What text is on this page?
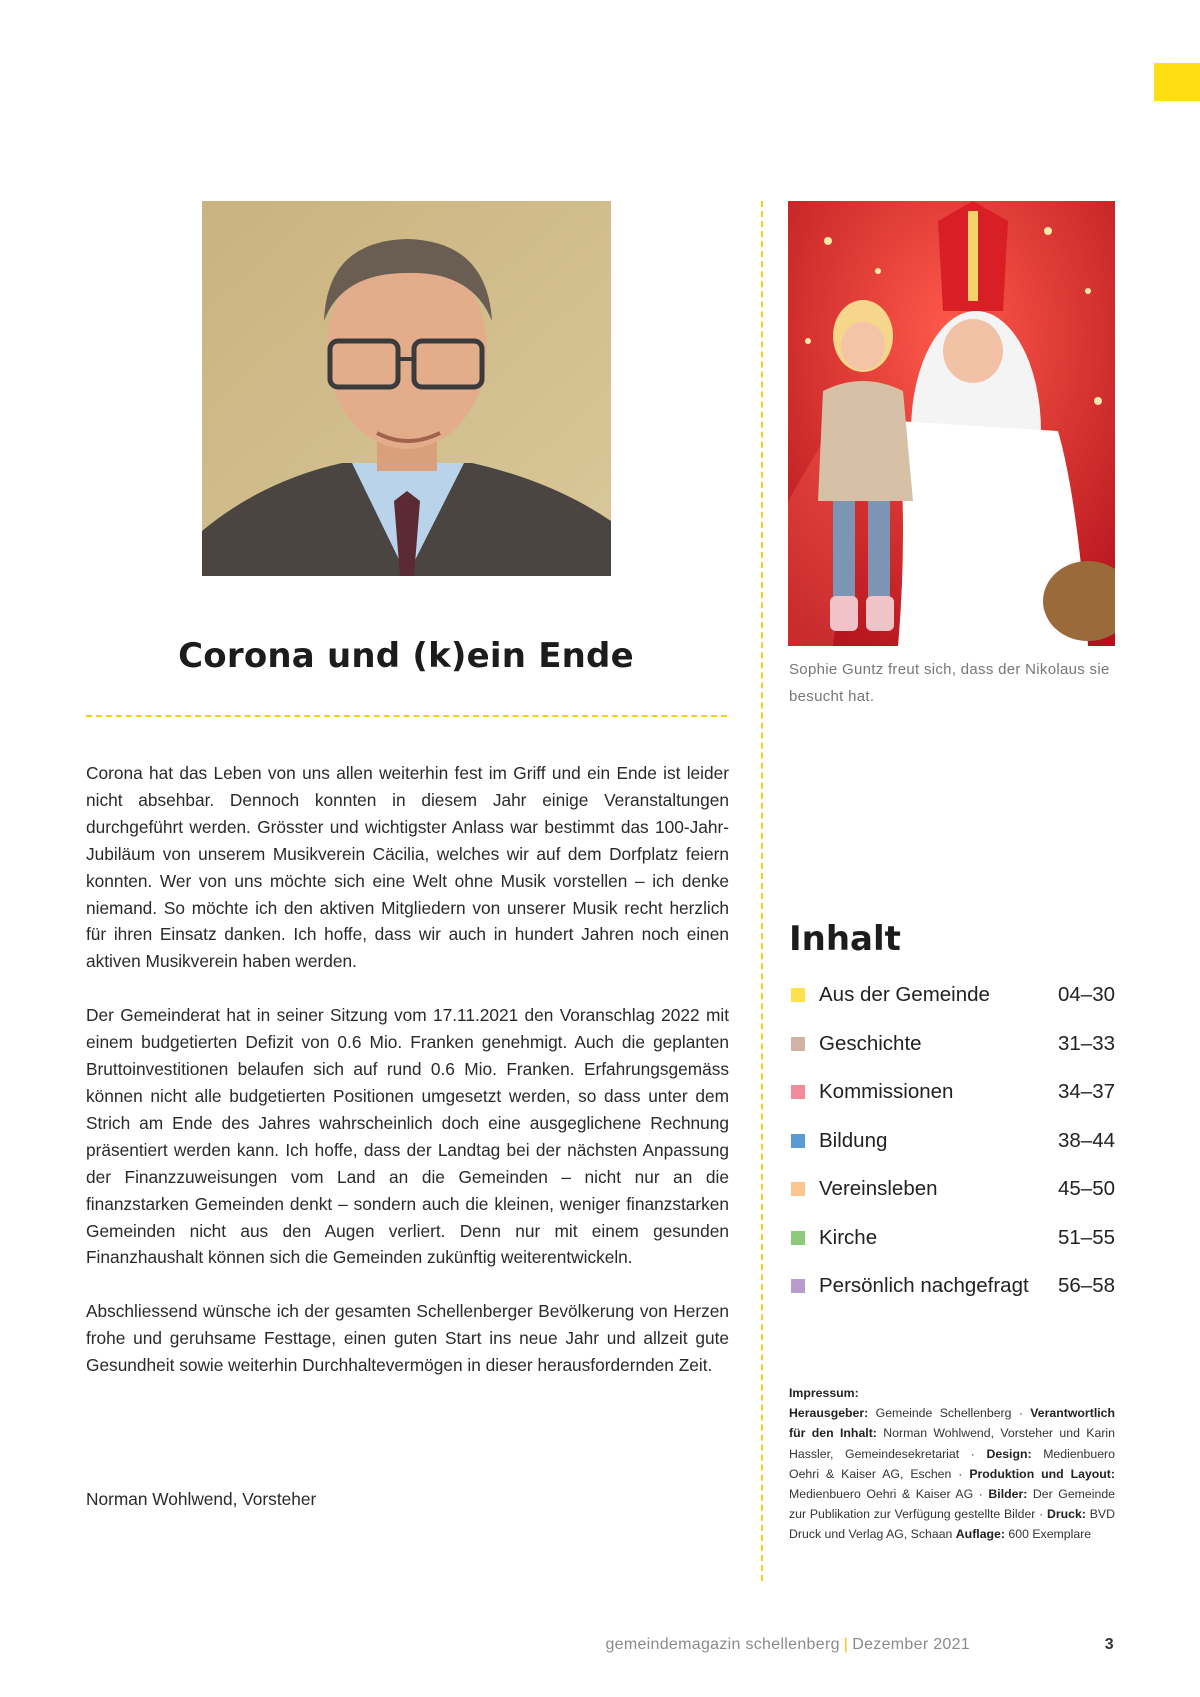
Corona und (k)ein Ende

Corona hat das Leben von uns allen weiterhin fest im Griff und ein Ende ist leider nicht absehbar. Dennoch konnten in diesem Jahr einige Veranstaltungen durchgeführt werden. Grösster und wichtigster Anlass war bestimmt das 100-Jahr-Jubiläum von unserem Musikverein Cäcilia, welches wir auf dem Dorfplatz feiern konnten. Wer von uns möchte sich eine Welt ohne Musik vorstellen – ich denke niemand. So möchte ich den aktiven Mitgliedern von unserer Musik recht herzlich für ihren Einsatz danken. Ich hoffe, dass wir auch in hundert Jahren noch einen aktiven Musikverein haben werden.

Der Gemeinderat hat in seiner Sitzung vom 17.11.2021 den Voranschlag 2022 mit einem budgetierten Defizit von 0.6 Mio. Franken genehmigt. Auch die geplanten Bruttoinvestitionen belaufen sich auf rund 0.6 Mio. Franken. Erfahrungsgemäss können nicht alle budgetierten Positionen umgesetzt werden, so dass unter dem Strich am Ende des Jahres wahrscheinlich doch eine ausgeglichene Rechnung präsentiert werden kann. Ich hoffe, dass der Landtag bei der nächsten Anpassung der Finanzzuweisungen vom Land an die Gemeinden – nicht nur an die finanzstarken Gemeinden denkt – sondern auch die kleinen, weniger finanzstarken Gemeinden nicht aus den Augen verliert. Denn nur mit einem gesunden Finanzhaushalt können sich die Gemeinden zukünftig weiterentwickeln.

Abschliessend wünsche ich der gesamten Schellenberger Bevölkerung von Herzen frohe und geruhsame Festtage, einen guten Start ins neue Jahr und allzeit gute Gesundheit sowie weiterhin Durchhaltevermögen in dieser herausfordernden Zeit.

Norman Wohlwend, Vorsteher
Sophie Guntz freut sich, dass der Nikolaus sie besucht hat.
Inhalt
Aus der Gemeinde	04–30
Geschichte	31–33
Kommissionen	34–37
Bildung	38–44
Vereinsleben	45–50
Kirche	51–55
Persönlich nachgefragt	56–58
Impressum:
Herausgeber: Gemeinde Schellenberg · Verantwortlich für den Inhalt: Norman Wohlwend, Vorsteher und Karin Hassler, Gemeindesekretariat · Design: Medienbuero Oehri & Kaiser AG, Eschen · Produktion und Layout: Medienbuero Oehri & Kaiser AG · Bilder: Der Gemeinde zur Publikation zur Verfügung gestellte Bilder · Druck: BVD Druck und Verlag AG, Schaan Auflage: 600 Exemplare
gemeindemagazin schellenberg | Dezember 2021	3
